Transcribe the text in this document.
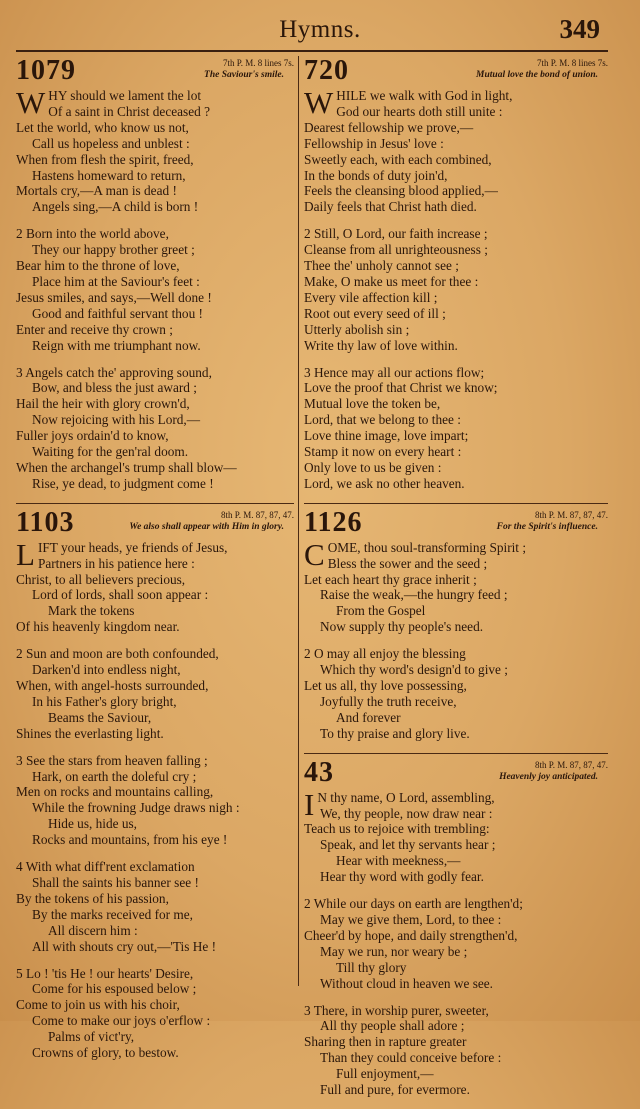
Hymns.	349
1079	7th P. M. 8 lines 7s.
The Saviour's smile.
WHY should we lament the lot
Of a saint in Christ deceased ?
Let the world, who know us not,
Call us hopeless and unblest :
When from flesh the spirit, freed,
Hastens homeward to return,
Mortals cry,—A man is dead !
Angels sing,—A child is born !
2 Born into the world above,
They our happy brother greet ;
Bear him to the throne of love,
Place him at the Saviour's feet :
Jesus smiles, and says,—Well done !
Good and faithful servant thou !
Enter and receive thy crown ;
Reign with me triumphant now.
3 Angels catch the' approving sound,
Bow, and bless the just award ;
Hail the heir with glory crown'd,
Now rejoicing with his Lord,—
Fuller joys ordain'd to know,
Waiting for the gen'ral doom.
When the archangel's trump shall blow—
Rise, ye dead, to judgment come !
1103	8th P. M. 87, 87, 47.
We also shall appear with Him in glory.
LIFT your heads, ye friends of Jesus,
Partners in his patience here :
Christ, to all believers precious,
Lord of lords, shall soon appear :
Mark the tokens
Of his heavenly kingdom near.
2 Sun and moon are both confounded,
Darken'd into endless night,
When, with angel-hosts surrounded,
In his Father's glory bright,
Beams the Saviour,
Shines the everlasting light.
3 See the stars from heaven falling ;
Hark, on earth the doleful cry ;
Men on rocks and mountains calling,
While the frowning Judge draws nigh :
Hide us, hide us,
Rocks and mountains, from his eye !
4 With what diff'rent exclamation
Shall the saints his banner see !
By the tokens of his passion,
By the marks received for me,
All discern him :
All with shouts cry out,—'Tis He !
5 Lo ! 'tis He ! our hearts' Desire,
Come for his espoused below ;
Come to join us with his choir,
Come to make our joys o'erflow :
Palms of vict'ry,
Crowns of glory, to bestow.
720	7th P. M. 8 lines 7s.
Mutual love the bond of union.
WHILE we walk with God in light,
God our hearts doth still unite :
Dearest fellowship we prove,—
Fellowship in Jesus' love :
Sweetly each, with each combined,
In the bonds of duty join'd,
Feels the cleansing blood applied,—
Daily feels that Christ hath died.
2 Still, O Lord, our faith increase ;
Cleanse from all unrighteousness ;
Thee the' unholy cannot see ;
Make, O make us meet for thee :
Every vile affection kill ;
Root out every seed of ill ;
Utterly abolish sin ;
Write thy law of love within.
3 Hence may all our actions flow;
Love the proof that Christ we know;
Mutual love the token be,
Lord, that we belong to thee :
Love thine image, love impart;
Stamp it now on every heart :
Only love to us be given :
Lord, we ask no other heaven.
1126	8th P. M. 87, 87, 47.
For the Spirit's influence.
COME, thou soul-transforming Spirit ;
Bless the sower and the seed ;
Let each heart thy grace inherit ;
Raise the weak,—the hungry feed ;
From the Gospel
Now supply thy people's need.
2 O may all enjoy the blessing
Which thy word's design'd to give ;
Let us all, thy love possessing,
Joyfully the truth receive,
And forever
To thy praise and glory live.
43	8th P. M. 87, 87, 47.
Heavenly joy anticipated.
I N thy name, O Lord, assembling,
We, thy people, now draw near :
Teach us to rejoice with trembling:
Speak, and let thy servants hear ;
Hear with meekness,—
Hear thy word with godly fear.
2 While our days on earth are lengthen'd;
May we give them, Lord, to thee :
Cheer'd by hope, and daily strengthen'd,
May we run, nor weary be ;
Till thy glory
Without cloud in heaven we see.
3 There, in worship purer, sweeter,
All thy people shall adore ;
Sharing then in rapture greater
Than they could conceive before :
Full enjoyment,—
Full and pure, for evermore.
